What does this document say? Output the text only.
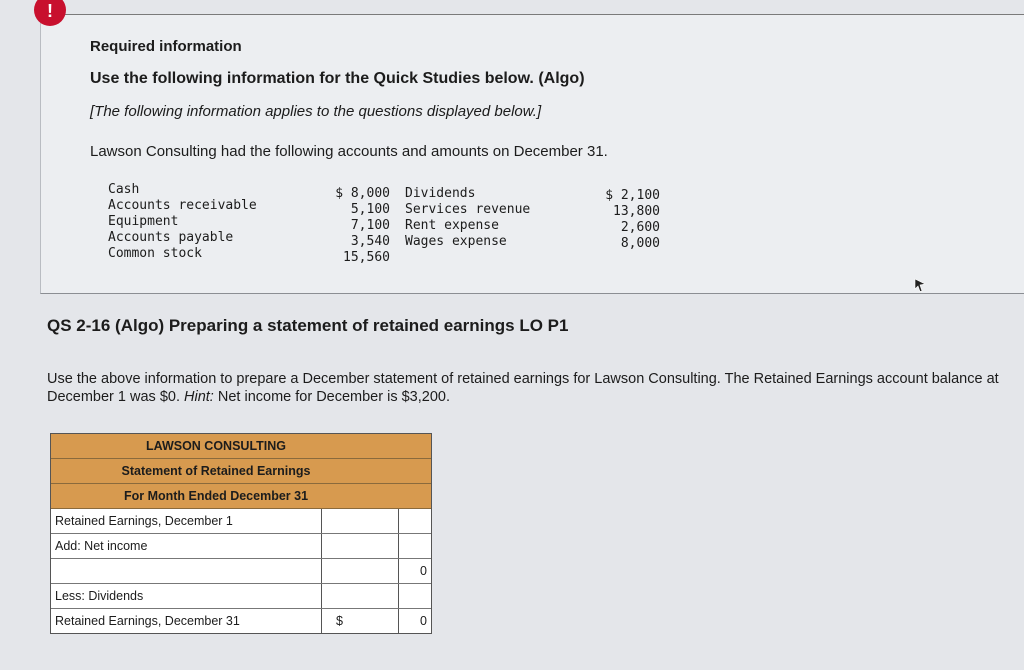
!
Required information
Use the following information for the Quick Studies below. (Algo)
[The following information applies to the questions displayed below.]
Lawson Consulting had the following accounts and amounts on December 31.
Cash
Accounts receivable
Equipment
Accounts payable
Common stock
$ 8,000
5,100
7,100
3,540
15,560
Dividends
Services revenue
Rent expense
Wages expense
$ 2,100
13,800
2,600
8,000
QS 2-16 (Algo) Preparing a statement of retained earnings LO P1
Use the above information to prepare a December statement of retained earnings for Lawson Consulting. The Retained Earnings account balance at December 1 was $0. Hint: Net income for December is $3,200.
LAWSON CONSULTING
Statement of Retained Earnings
For Month Ended December 31
Retained Earnings, December 1
Add: Net income
0
Less: Dividends
Retained Earnings, December 31	$	0
